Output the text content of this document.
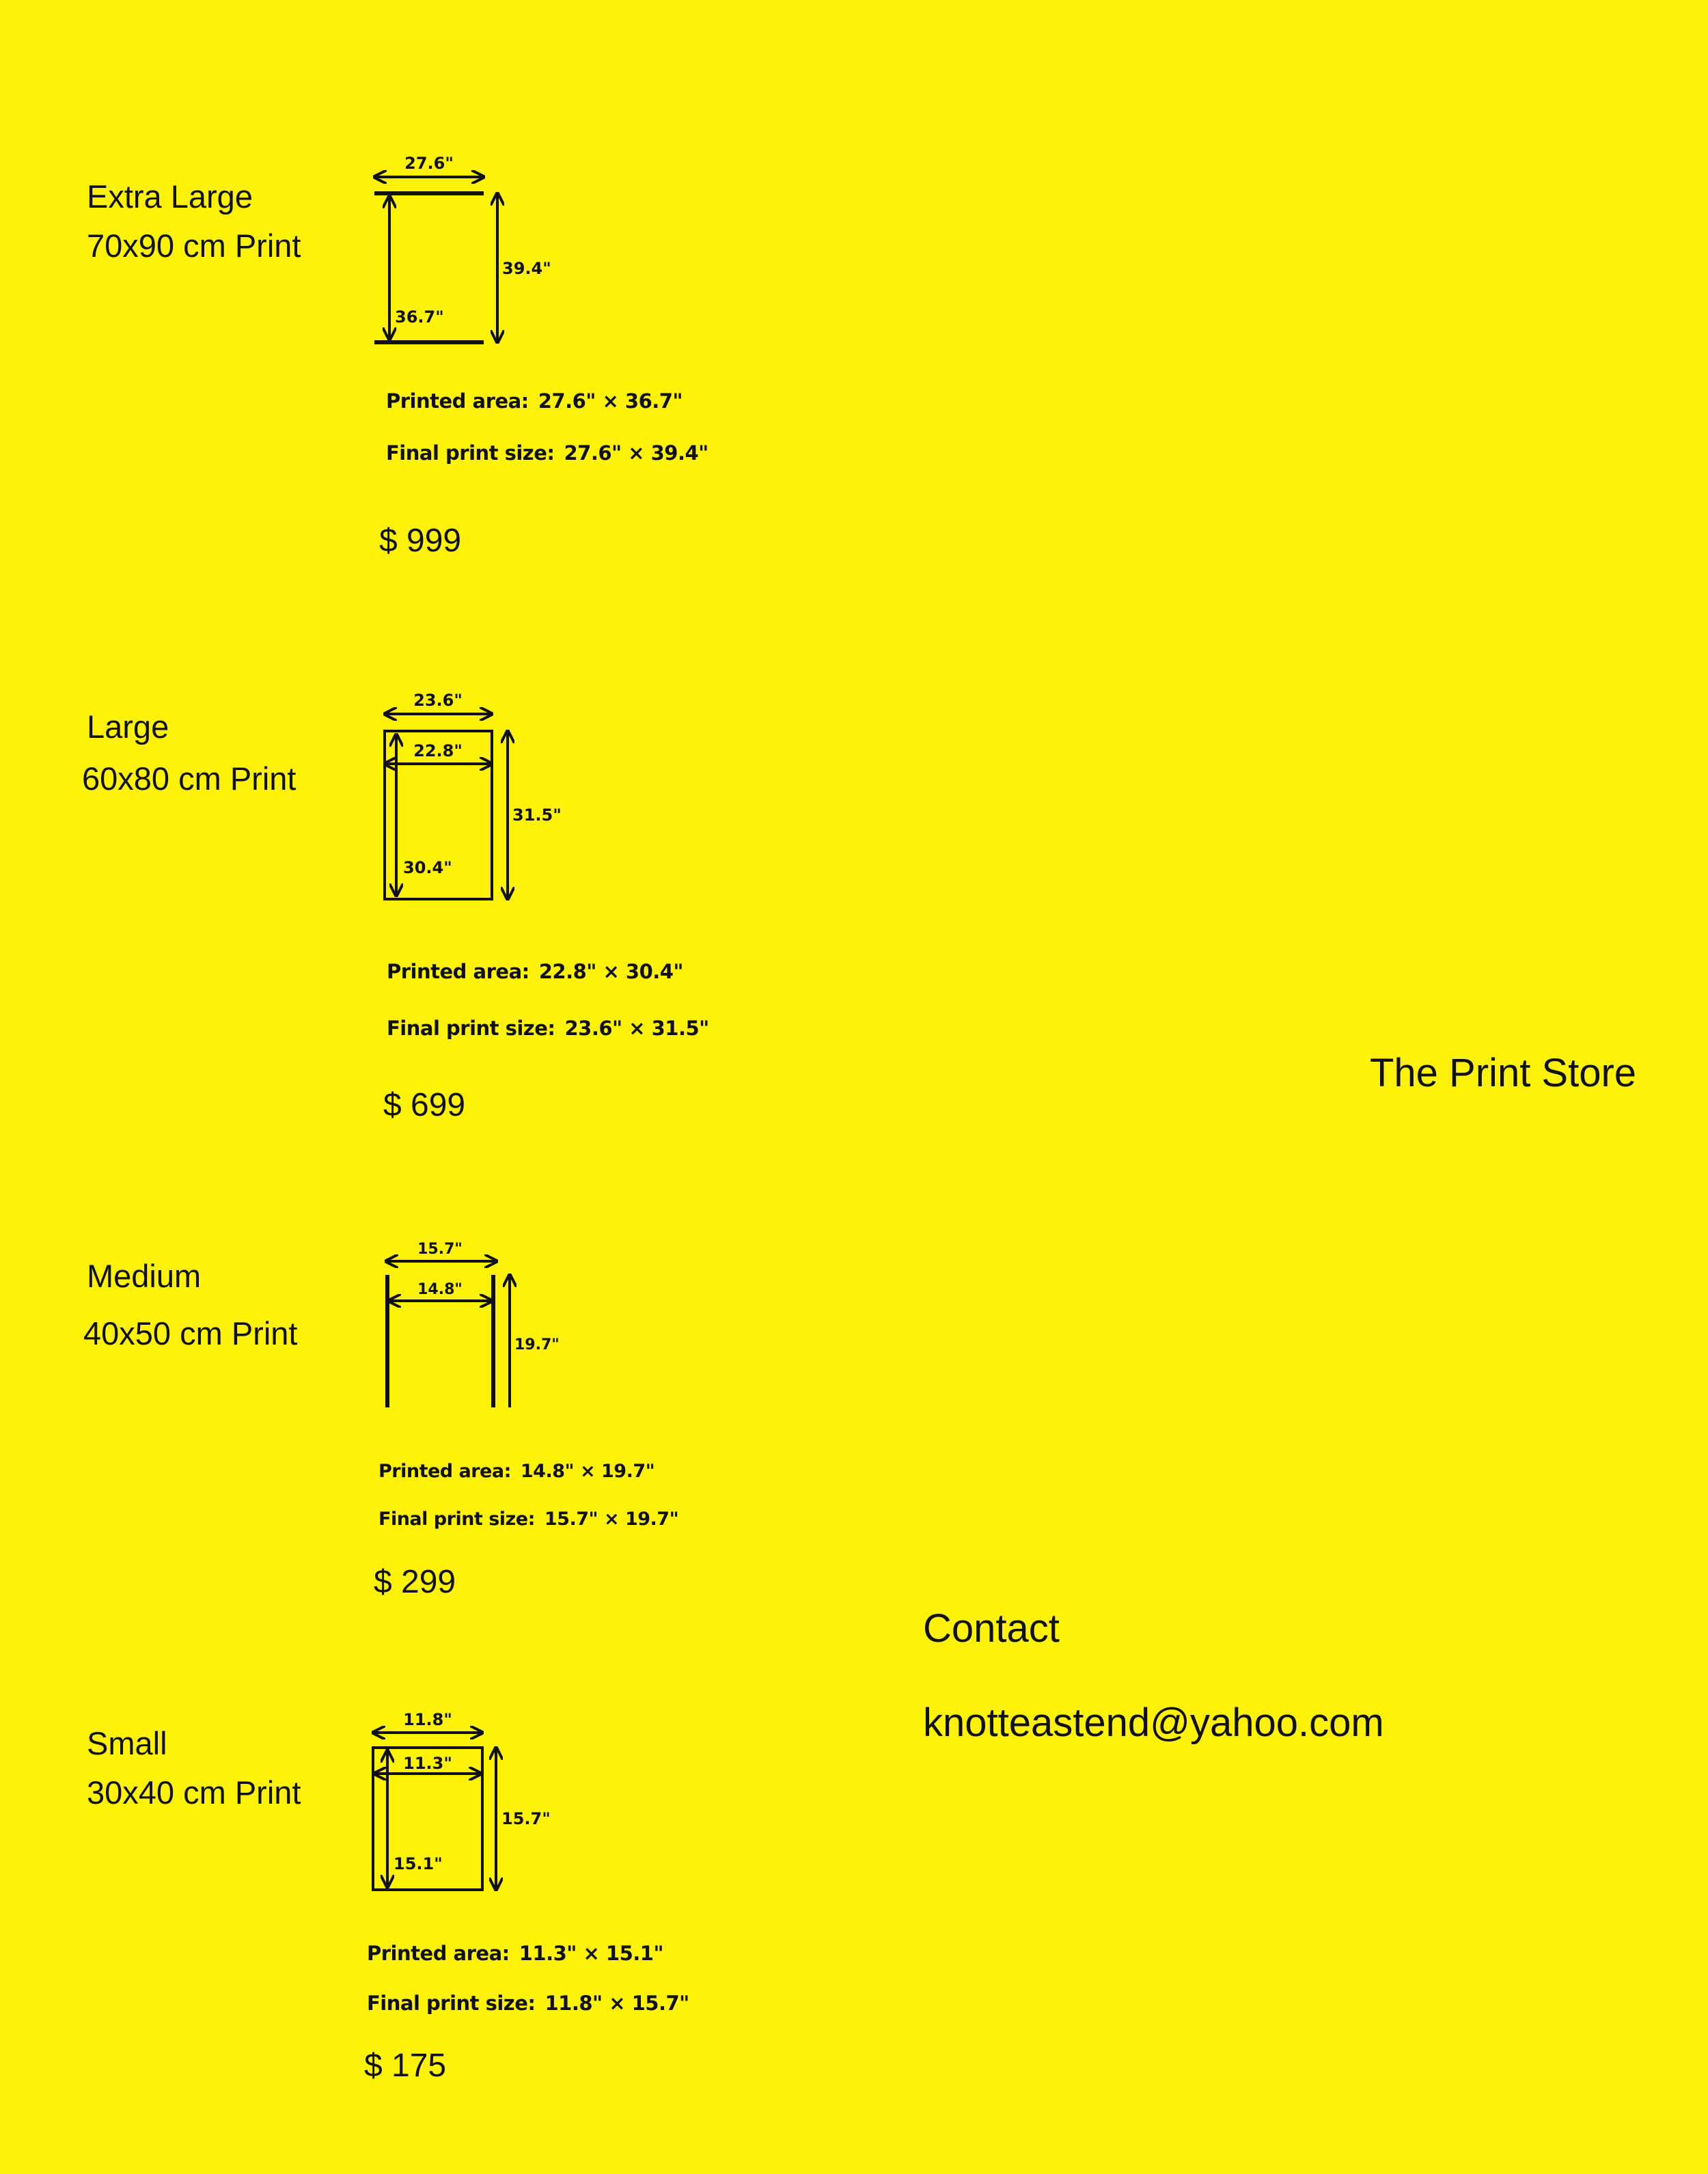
Extra Large
70x90 cm Print
27.6"
36.7"
39.4"
Printed area: 27.6" × 36.7"
Final print size: 27.6" × 39.4"
$ 999
Large
60x80 cm Print
23.6"
22.8"
30.4"
31.5"
Printed area: 22.8" × 30.4"
Final print size: 23.6" × 31.5"
$ 699
Medium
40x50 cm Print
15.7"
14.8"
19.7"
Printed area: 14.8" × 19.7"
Final print size: 15.7" × 19.7"
$ 299
Small
30x40 cm Print
11.8"
11.3"
15.1"
15.7"
Printed area: 11.3" × 15.1"
Final print size: 11.8" × 15.7"
$ 175
The Print Store
Contact
knotteastend@yahoo.com
